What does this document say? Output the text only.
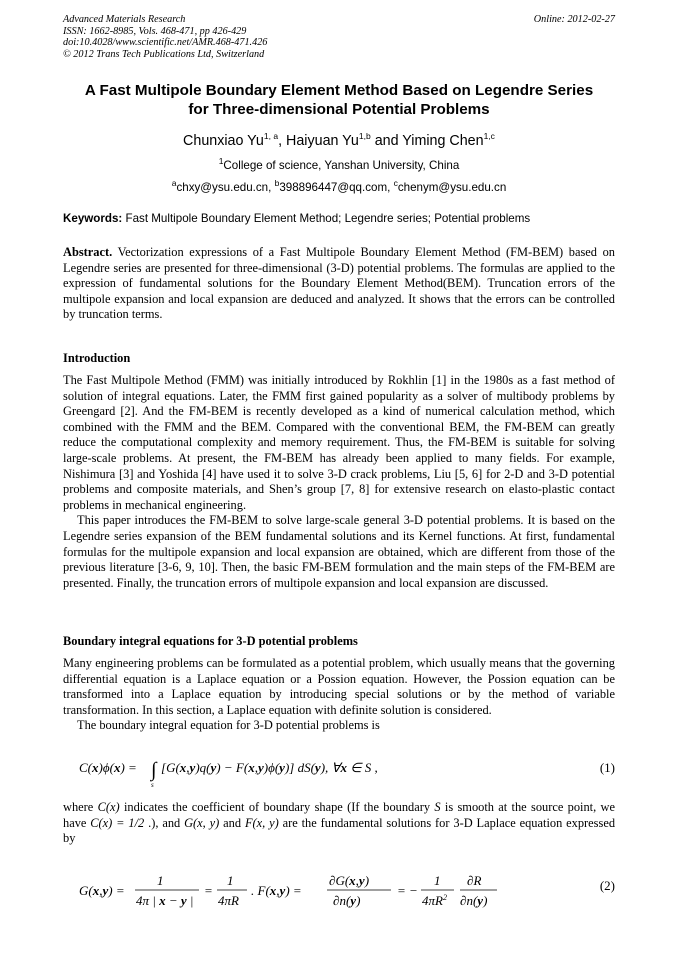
Advanced Materials Research
ISSN: 1662-8985, Vols. 468-471, pp 426-429
doi:10.4028/www.scientific.net/AMR.468-471.426
© 2012 Trans Tech Publications Ltd, Switzerland
Online: 2012-02-27
A Fast Multipole Boundary Element Method Based on Legendre Series
for Three-dimensional Potential Problems
Chunxiao Yu$^{1, a}$, Haiyuan Yu$^{1,b}$ and Yiming Chen$^{1,c}$
$^1$College of science, Yanshan University, China
$^a$chxy@ysu.edu.cn, $^b$398896447@qq.com, $^c$chenym@ysu.edu.cn
Keywords: Fast Multipole Boundary Element Method; Legendre series; Potential problems
Abstract. Vectorization expressions of a Fast Multipole Boundary Element Method (FM-BEM) based on Legendre series are presented for three-dimensional (3-D) potential problems. The formulas are applied to the expression of fundamental solutions for the Boundary Element Method(BEM). Truncation errors of the multipole expansion and local expansion are deduced and analyzed. It shows that the errors can be controlled by truncation terms.
Introduction

The Fast Multipole Method (FMM) was initially introduced by Rokhlin [1] in the 1980s as a fast method of solution of integral equations. Later, the FMM first gained popularity as a solver of multibody problems by Greengard [2]. And the FM-BEM is recently developed as a kind of numerical calculation method, which combined with the FMM and the BEM. Compared with the conventional BEM, the FM-BEM can greatly reduce the computational complexity and memory requirement. Thus, the FM-BEM is suitable for solving large-scale problems. At present, the FM-BEM has already been applied to many fields. For example, Nishimura [3] and Yoshida [4] have used it to solve 3-D crack problems, Liu [5, 6] for 2-D and 3-D potential problems and composite materials, and Shen’s group [7, 8] for extensive research on elasto-plastic contact problems in mechanical engineering.

This paper introduces the FM-BEM to solve large-scale general 3-D potential problems. It is based on the Legendre series expansion of the BEM fundamental solutions and its Kernel functions. At first, fundamental formulas for the multipole expansion and local expansion are obtained, which are different from those of the previous literature [3-6, 9, 10]. Then, the basic FM-BEM formulation and the main steps of the FM-BEM are presented. Finally, the truncation errors of multipole expansion and local expansion are discussed.

Boundary integral equations for 3-D potential problems

Many engineering problems can be formulated as a potential problem, which usually means that the governing differential equation is a Laplace equation or a Possion equation. However, the Possion equation can be transformed into a Laplace equation by introducing special solutions or by the method of variable transformation. In this section, a Laplace equation with definite solution is considered.

The boundary integral equation for 3-D potential problems is

C(x)ϕ(x) = ∫
s
[G(x,y)q(y) − F(x,y)ϕ(y)] dS(y), ∀x ∈ S ,	(1)
where C(x) indicates the coefficient of boundary shape (If the boundary S is smooth at the source point, we have C(x) = 1/2 .), and G(x, y) and F(x, y) are the fundamental solutions for 3-D Laplace equation expressed by
G(x,y) =
1
4π | x − y |
=
1
4πR
. F(x,y) =
∂G(x,y)
∂n(y)
= −
1
$4\pi R^2$
∂R
∂n(y)
(2)
